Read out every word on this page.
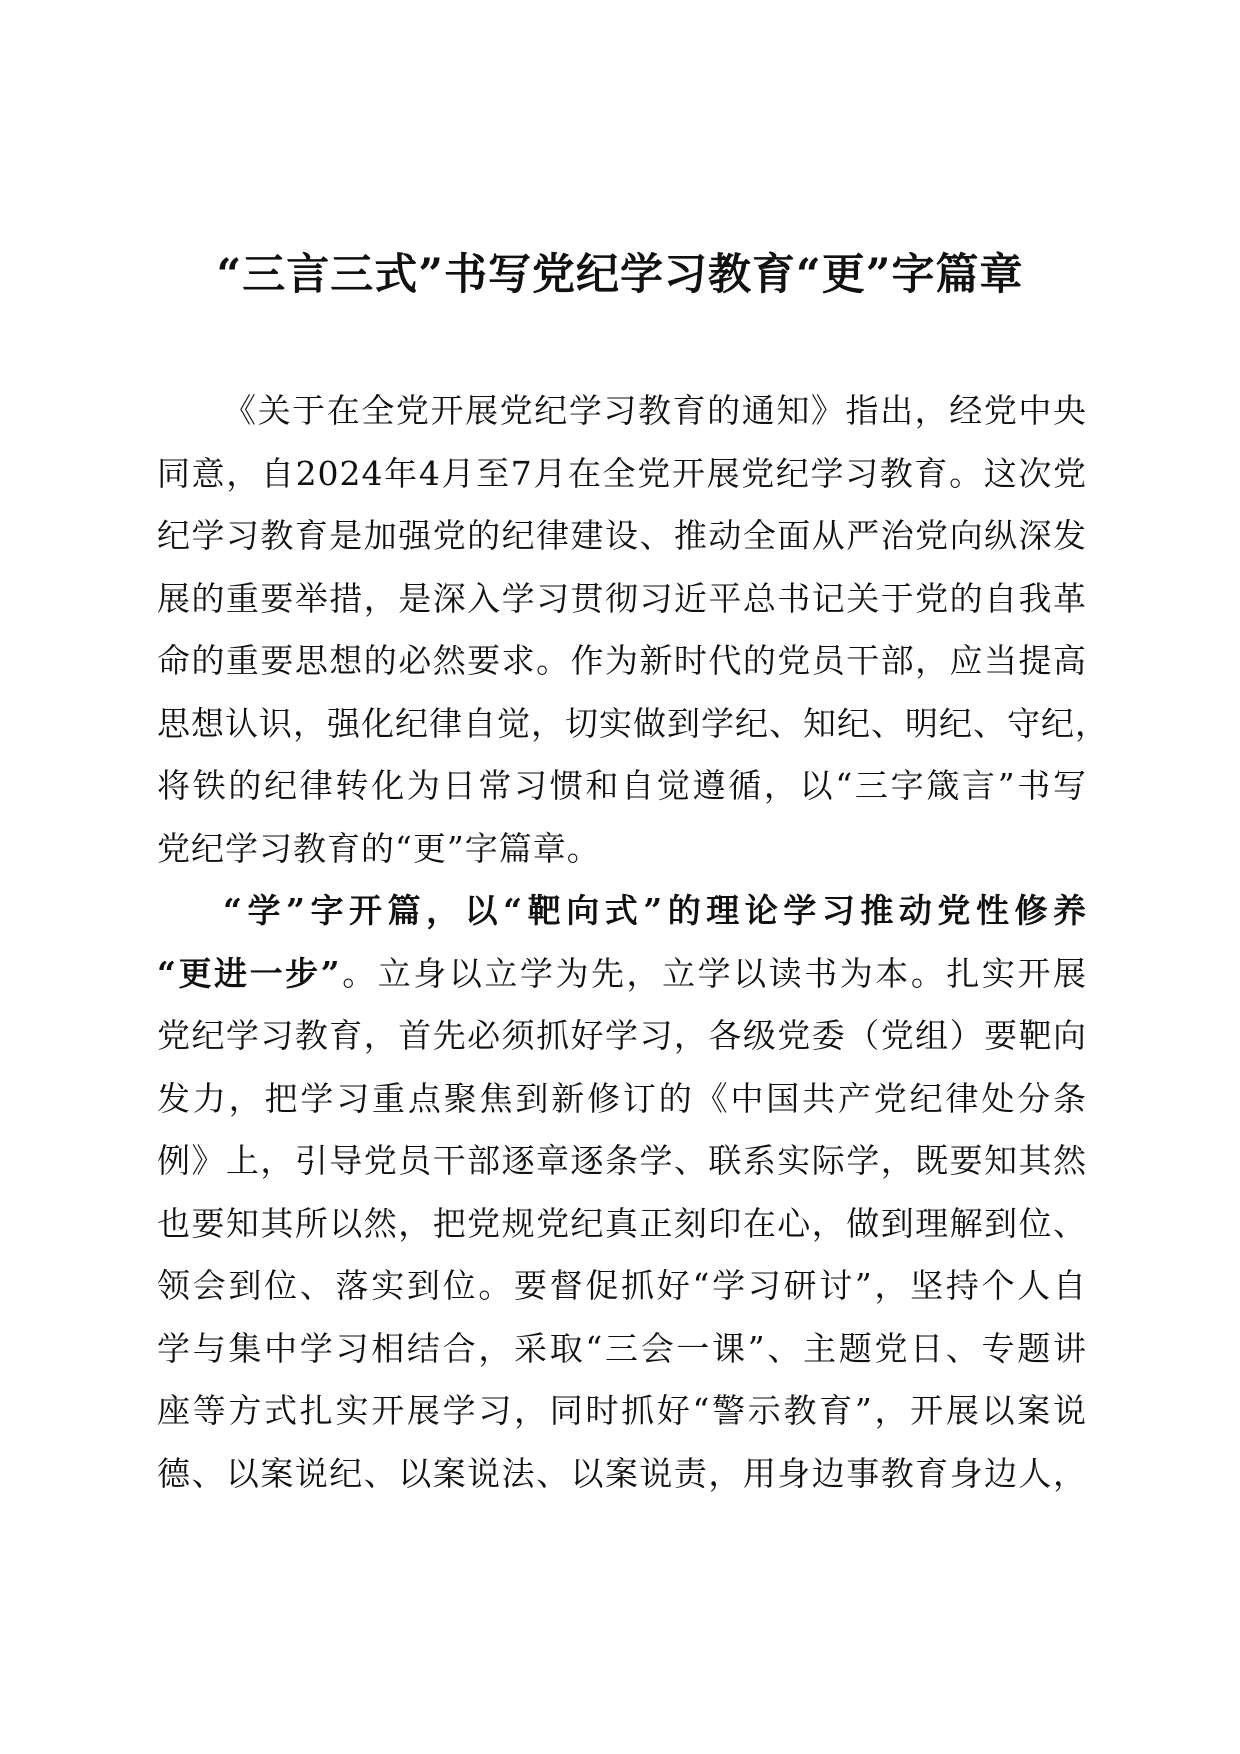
“三言三式”书写党纪学习教育“更”字篇章
《关于在全党开展党纪学习教育的通知》指出，经党中央
同意，自2024年4月至7月在全党开展党纪学习教育。这次党
纪学习教育是加强党的纪律建设、推动全面从严治党向纵深发
展的重要举措，是深入学习贯彻习近平总书记关于党的自我革
命的重要思想的必然要求。作为新时代的党员干部，应当提高
思想认识，强化纪律自觉，切实做到学纪、知纪、明纪、守纪，
将铁的纪律转化为日常习惯和自觉遵循，以“三字箴言”书写
党纪学习教育的“更”字篇章。
“学”字开篇，以“靶向式”的理论学习推动党性修养
“更进一步”。立身以立学为先，立学以读书为本。扎实开展
党纪学习教育，首先必须抓好学习，各级党委（党组）要靶向
发力，把学习重点聚焦到新修订的《中国共产党纪律处分条
例》上，引导党员干部逐章逐条学、联系实际学，既要知其然
也要知其所以然，把党规党纪真正刻印在心，做到理解到位、
领会到位、落实到位。要督促抓好“学习研讨”，坚持个人自
学与集中学习相结合，采取“三会一课”、主题党日、专题讲
座等方式扎实开展学习，同时抓好“警示教育”，开展以案说
德、以案说纪、以案说法、以案说责，用身边事教育身边人，
